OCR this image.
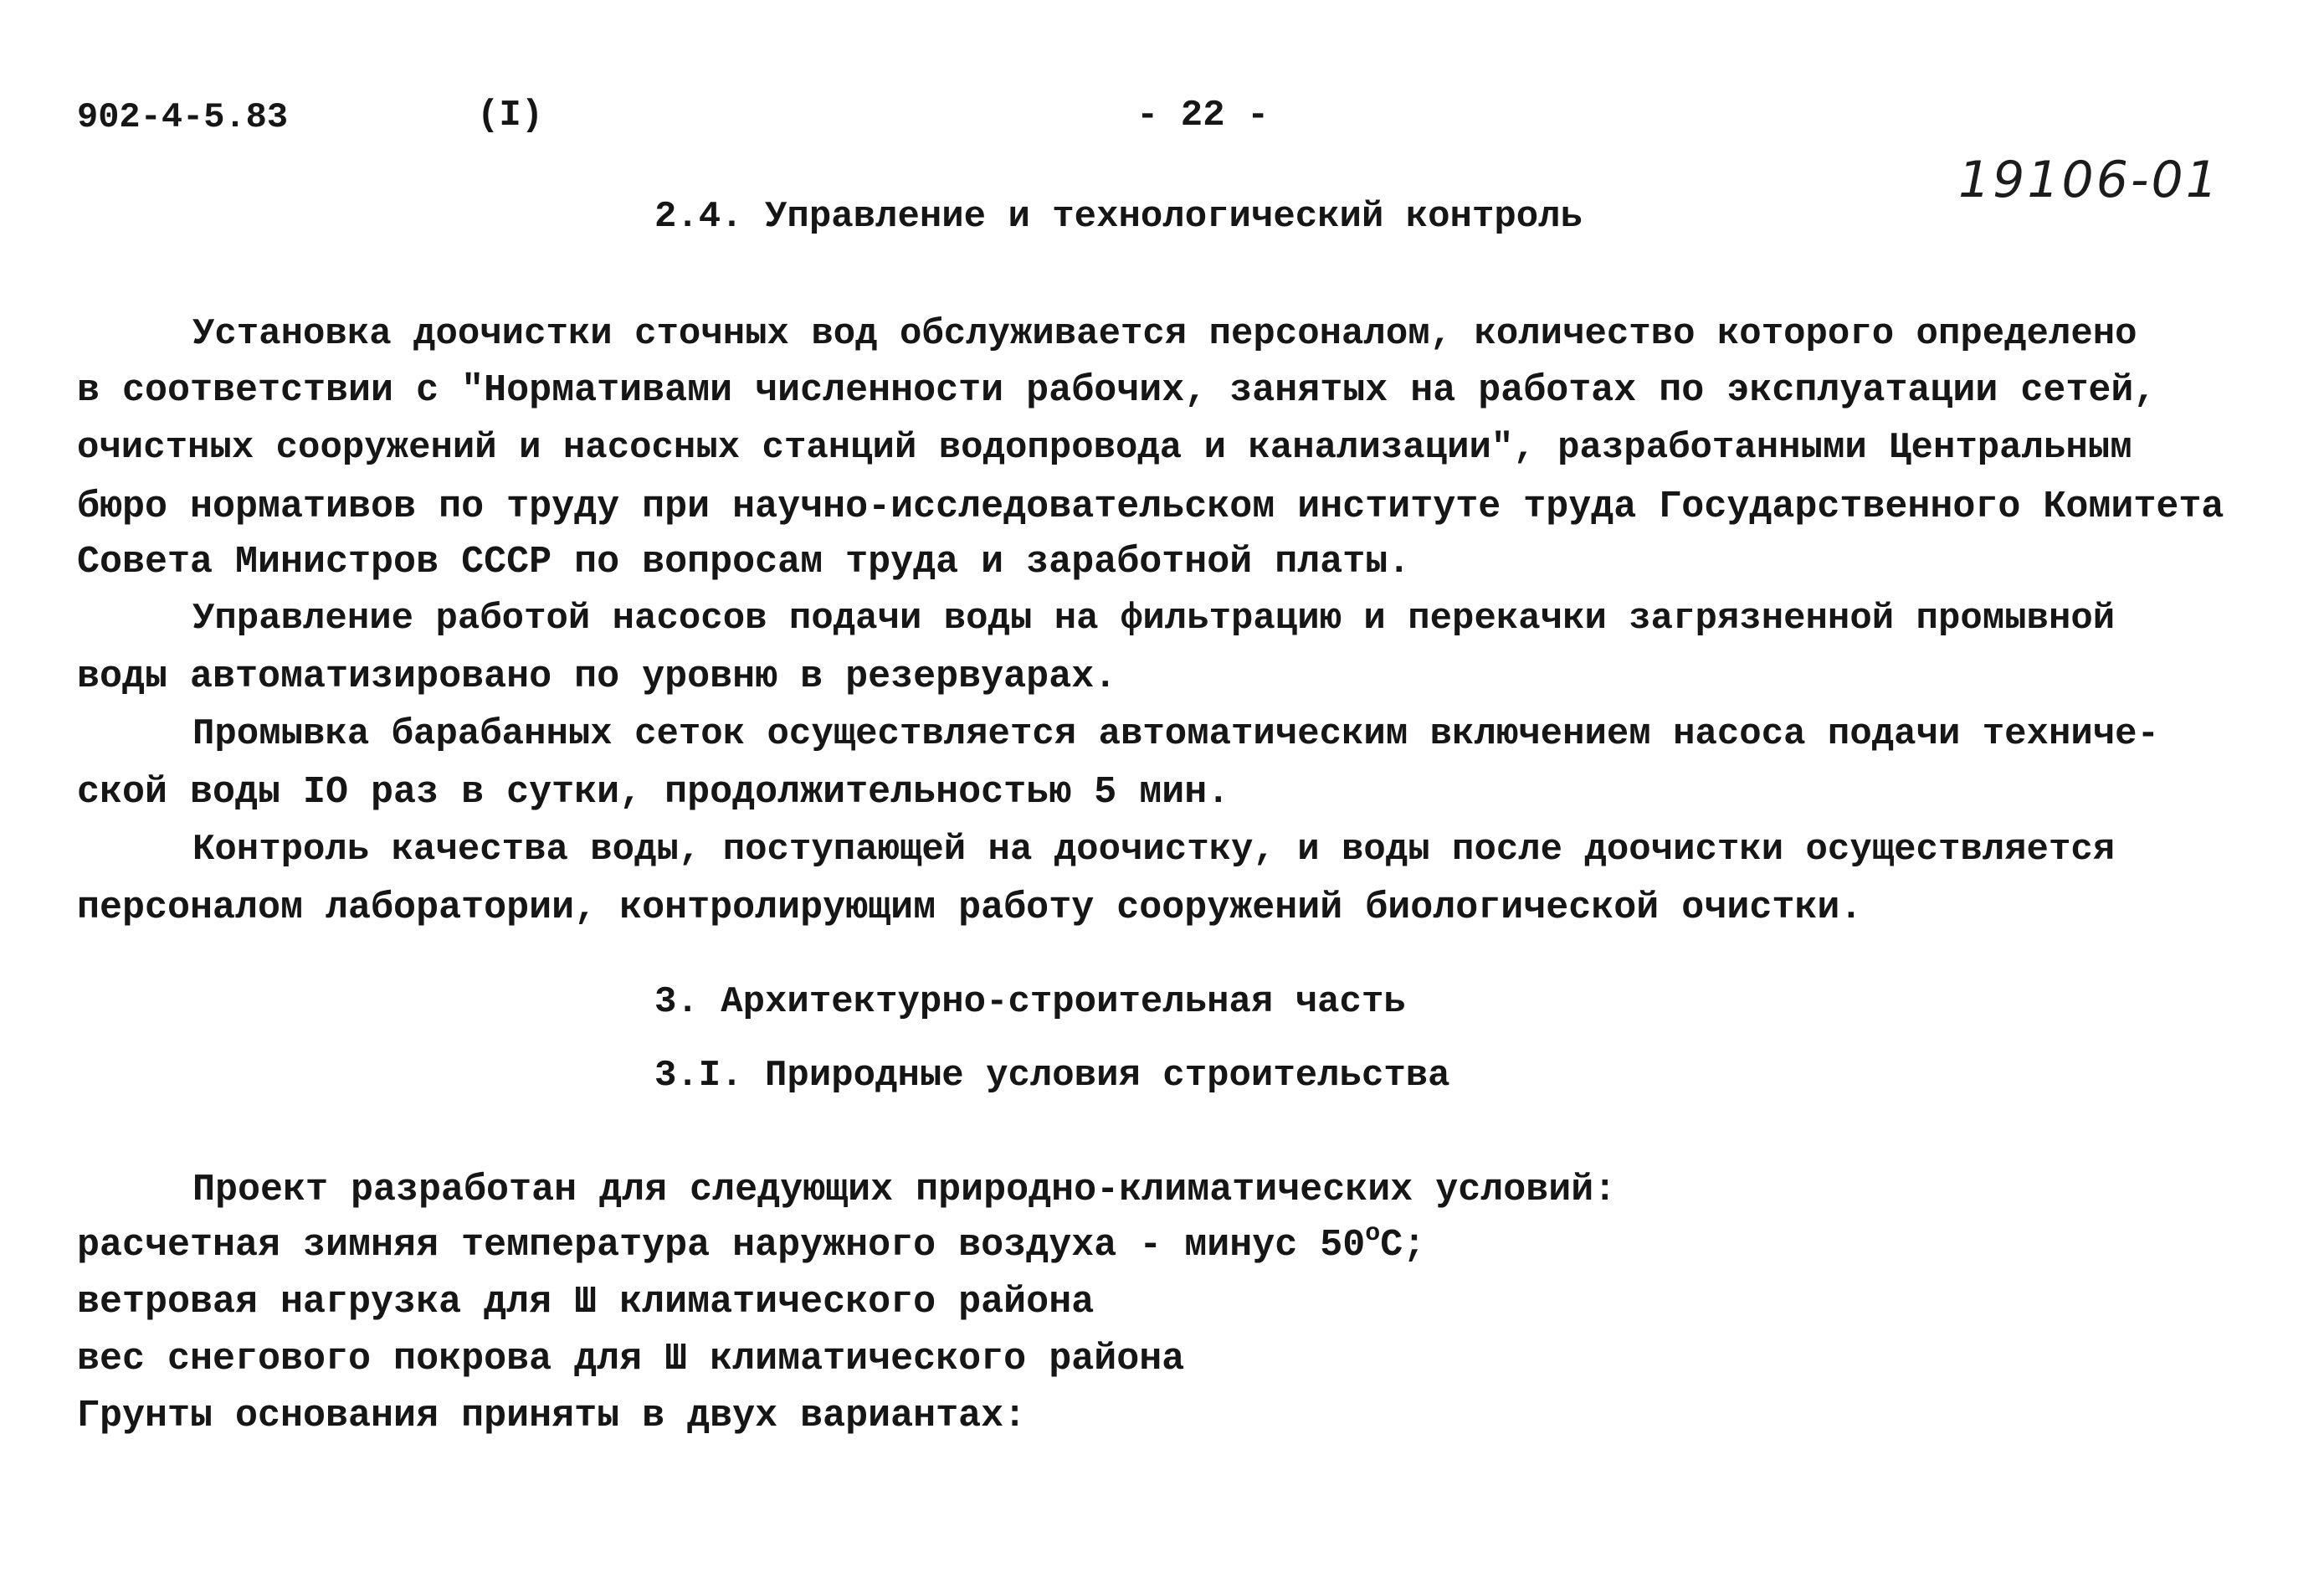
902-4-5.83	(I)	- 22 -
19106-01
2.4. Управление и технологический контроль
Установка доочистки сточных вод обслуживается персоналом, количество которого определено
в соответствии с "Нормативами численности рабочих, занятых на работах по эксплуатации сетей,
очистных сооружений и насосных станций водопровода и канализации", разработанными Центральным
бюро нормативов по труду при научно-исследовательском институте труда Государственного Комитета
Совета Министров СССР по вопросам труда и заработной платы.
Управление работой насосов подачи воды на фильтрацию и перекачки загрязненной промывной
воды автоматизировано по уровню в резервуарах.
Промывка барабанных сеток осуществляется автоматическим включением насоса подачи техниче-
ской воды IO раз в сутки, продолжительностью 5 мин.
Контроль качества воды, поступающей на доочистку, и воды после доочистки осуществляется
персоналом лаборатории, контролирующим работу сооружений биологической очистки.
3. Архитектурно-строительная часть
3.I. Природные условия строительства
Проект разработан для следующих природно-климатических условий:
расчетная зимняя температура наружного воздуха - минус 50$^o$C;
ветровая нагрузка для Ш климатического района
вес снегового покрова для Ш климатического района
Грунты основания приняты в двух вариантах:
